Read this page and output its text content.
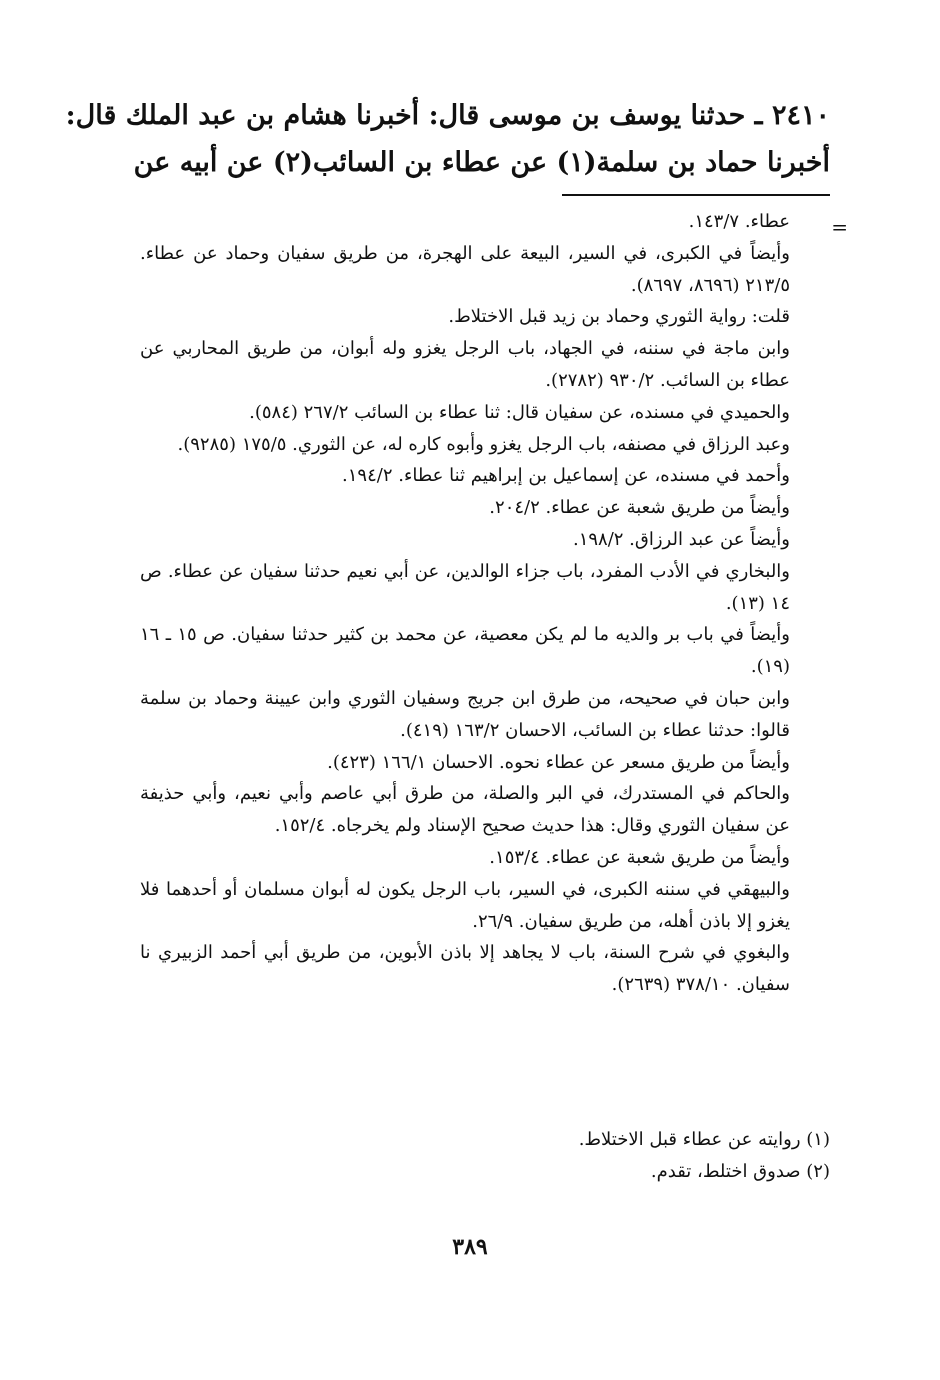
٢٤١٠ ـ حدثنا يوسف بن موسى قال: أخبرنا هشام بن عبد الملك قال:
أخبرنا حماد بن سلمة(١) عن عطاء بن السائب(٢) عن أبيه عن
=

عطاء. ١٤٣/٧.

وأيضاً في الكبرى، في السير، البيعة على الهجرة، من طريق سفيان وحماد عن عطاء. ٢١٣/٥ (٨٦٩٦، ٨٦٩٧).

قلت: رواية الثوري وحماد بن زيد قبل الاختلاط.

وابن ماجة في سننه، في الجهاد، باب الرجل يغزو وله أبوان، من طريق المحاربي عن عطاء بن السائب. ٩٣٠/٢ (٢٧٨٢).

والحميدي في مسنده، عن سفيان قال: ثنا عطاء بن السائب ٢٦٧/٢ (٥٨٤).

وعبد الرزاق في مصنفه، باب الرجل يغزو وأبوه كاره له، عن الثوري. ١٧٥/٥ (٩٢٨٥).

وأحمد في مسنده، عن إسماعيل بن إبراهيم ثنا عطاء. ١٩٤/٢.

وأيضاً من طريق شعبة عن عطاء. ٢٠٤/٢.

وأيضاً عن عبد الرزاق. ١٩٨/٢.

والبخاري في الأدب المفرد، باب جزاء الوالدين، عن أبي نعيم حدثنا سفيان عن عطاء. ص ١٤ (١٣).

وأيضاً في باب بر والديه ما لم يكن معصية، عن محمد بن كثير حدثنا سفيان. ص ١٥ ـ ١٦ (١٩).

وابن حبان في صحيحه، من طرق ابن جريج وسفيان الثوري وابن عيينة وحماد بن سلمة قالوا: حدثنا عطاء بن السائب، الاحسان ١٦٣/٢ (٤١٩).

وأيضاً من طريق مسعر عن عطاء نحوه. الاحسان ١٦٦/١ (٤٢٣).

والحاكم في المستدرك، في البر والصلة، من طرق أبي عاصم وأبي نعيم، وأبي حذيفة عن سفيان الثوري وقال: هذا حديث صحيح الإسناد ولم يخرجاه. ١٥٢/٤.

وأيضاً من طريق شعبة عن عطاء. ١٥٣/٤.

والبيهقي في سننه الكبرى، في السير، باب الرجل يكون له أبوان مسلمان أو أحدهما فلا يغزو إلا باذن أهله، من طريق سفيان. ٢٦/٩.

والبغوي في شرح السنة، باب لا يجاهد إلا باذن الأبوين، من طريق أبي أحمد الزبيري نا سفيان. ٣٧٨/١٠ (٢٦٣٩).

(١) روايته عن عطاء قبل الاختلاط.

(٢) صدوق اختلط، تقدم.

٣٨٩
